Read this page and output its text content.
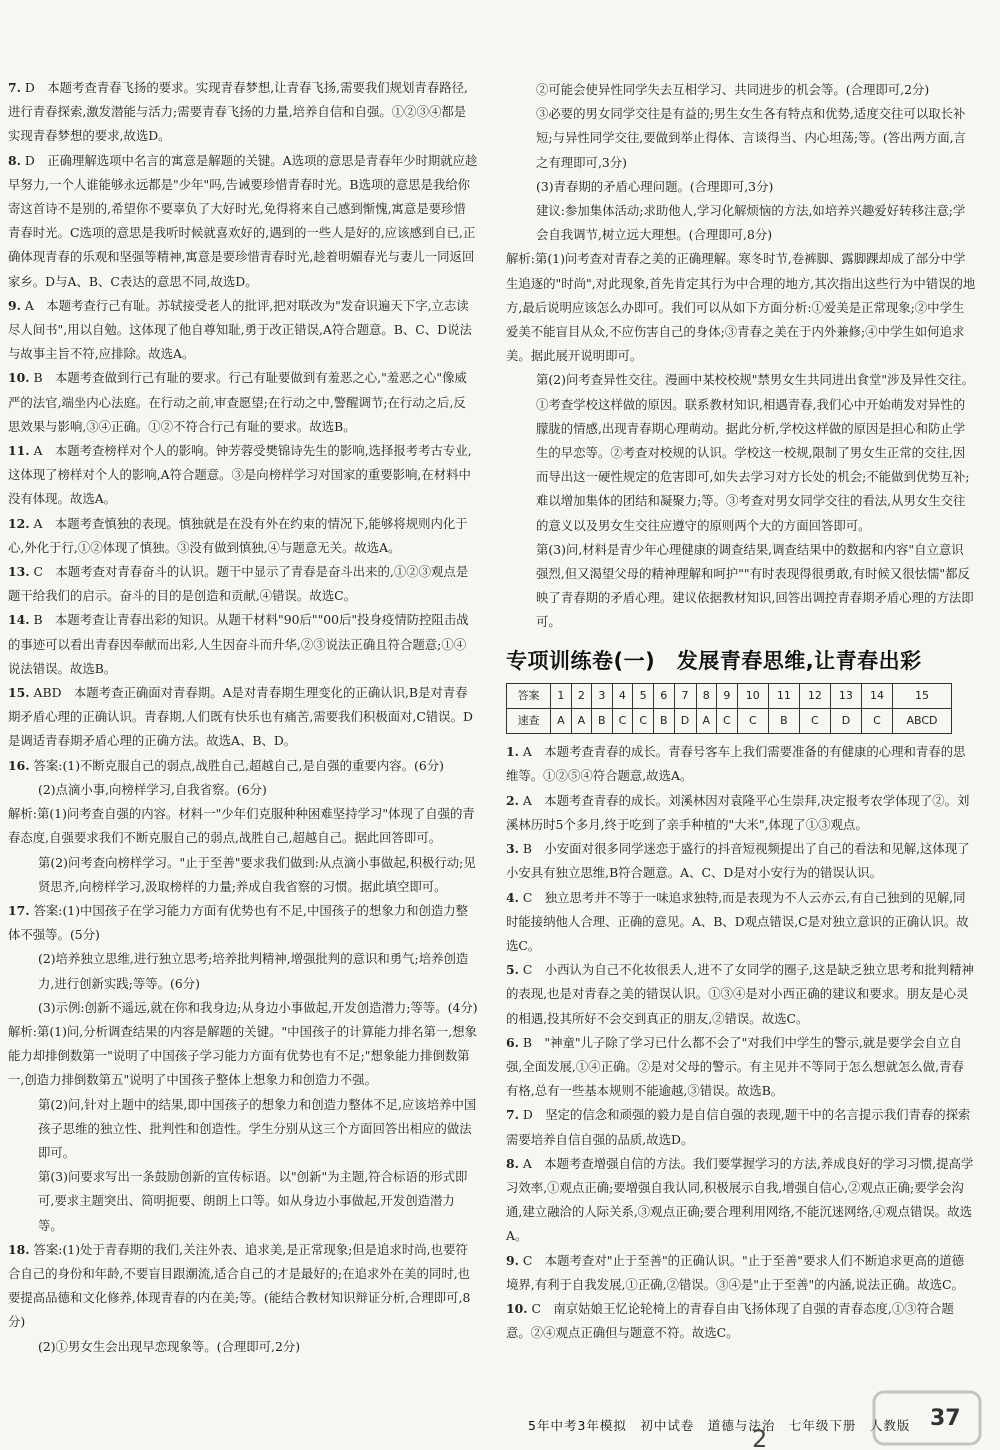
7. D　本题考查青春飞扬的要求。实现青春梦想,让青春飞扬,需要我们规划青春路径,进行青春探索,激发潜能与活力;需要青春飞扬的力量,培养自信和自强。①②③④都是实现青春梦想的要求,故选D。
8. D　正确理解选项中名言的寓意是解题的关键。A选项的意思是青春年少时期就应趁早努力,一个人谁能够永远都是"少年"吗,告诫要珍惜青春时光。B选项的意思是我给你寄这首诗不是别的,希望你不要辜负了大好时光,免得将来自己感到惭愧,寓意是要珍惜青春时光。C选项的意思是我听时候就喜欢好的,遇到的一些人是好的,应该感到自已,正确体现青春的乐观和坚强等精神,寓意是要珍惜青春时光,趁着明媚春光与妻儿一同返回家乡。D与A、B、C表达的意思不同,故选D。
9. A　本题考查行己有耻。苏轼接受老人的批评,把对联改为"发奋识遍天下字,立志读尽人间书",用以自勉。这体现了他自尊知耻,勇于改正错误,A符合题意。B、C、D说法与故事主旨不符,应排除。故选A。
10. B　本题考查做到行己有耻的要求。行己有耻要做到有羞恶之心,"羞恶之心"像威严的法官,端坐内心法庭。在行动之前,审查愿望;在行动之中,警醒调节;在行动之后,反思效果与影响,③④正确。①②不符合行己有耻的要求。故选B。
11. A　本题考查榜样对个人的影响。钟芳蓉受樊锦诗先生的影响,选择报考考古专业,这体现了榜样对个人的影响,A符合题意。③是向榜样学习对国家的重要影响,在材料中没有体现。故选A。
12. A　本题考查慎独的表现。慎独就是在没有外在约束的情况下,能够将规则内化于心,外化于行,①②体现了慎独。③没有做到慎独,④与题意无关。故选A。
13. C　本题考查对青春奋斗的认识。题干中显示了青春是奋斗出来的,①②③观点是题干给我们的启示。奋斗的目的是创造和贡献,④错误。故选C。
14. B　本题考查让青春出彩的知识。从题干材料"90后""00后"投身疫情防控阻击战的事迹可以看出青春因奉献而出彩,人生因奋斗而升华,②③说法正确且符合题意;①④说法错误。故选B。
15. ABD　本题考查正确面对青春期。A是对青春期生理变化的正确认识,B是对青春期矛盾心理的正确认识。青春期,人们既有快乐也有痛苦,需要我们积极面对,C错误。D是调适青春期矛盾心理的正确方法。故选A、B、D。
16. 答案:(1)不断克服自己的弱点,战胜自己,超越自己,是自强的重要内容。(6分)
(2)点滴小事,向榜样学习,自我省察。(6分)
解析:第(1)问考查自强的内容。材料一"少年们克服种种困难坚持学习"体现了自强的青春态度,自强要求我们不断克服自己的弱点,战胜自己,超越自己。据此回答即可。
第(2)问考查向榜样学习。"止于至善"要求我们做到:从点滴小事做起,积极行动;见贤思齐,向榜样学习,汲取榜样的力量;养成自我省察的习惯。据此填空即可。
17. 答案:(1)中国孩子在学习能力方面有优势也有不足,中国孩子的想象力和创造力整体不强等。(5分)
(2)培养独立思维,进行独立思考;培养批判精神,增强批判的意识和勇气;培养创造力,进行创新实践;等等。(6分)
(3)示例:创新不遥远,就在你和我身边;从身边小事做起,开发创造潜力;等等。(4分)
解析:第(1)问,分析调查结果的内容是解题的关键。"中国孩子的计算能力排名第一,想象能力却排倒数第一"说明了中国孩子学习能力方面有优势也有不足;"想象能力排倒数第一,创造力排倒数第五"说明了中国孩子整体上想象力和创造力不强。
第(2)问,针对上题中的结果,即中国孩子的想象力和创造力整体不足,应该培养中国孩子思维的独立性、批判性和创造性。学生分别从这三个方面回答出相应的做法即可。
第(3)问要求写出一条鼓励创新的宣传标语。以"创新"为主题,符合标语的形式即可,要求主题突出、简明扼要、朗朗上口等。如从身边小事做起,开发创造潜力等。
18. 答案:(1)处于青春期的我们,关注外表、追求美,是正常现象;但是追求时尚,也要符合自己的身份和年龄,不要盲目跟潮流,适合自己的才是最好的;在追求外在美的同时,也要提高品德和文化修养,体现青春的内在美;等。(能结合教材知识辩证分析,合理即可,8分)
(2)①男女生会出现早恋现象等。(合理即可,2分)
②可能会使异性同学失去互相学习、共同进步的机会等。(合理即可,2分)
③必要的男女同学交往是有益的;男生女生各有特点和优势,适度交往可以取长补短;与异性同学交往,要做到举止得体、言谈得当、内心坦荡;等。(答出两方面,言之有理即可,3分)
(3)青春期的矛盾心理问题。(合理即可,3分)
建议:参加集体活动;求助他人,学习化解烦恼的方法,如培养兴趣爱好转移注意;学会自我调节,树立远大理想。(合理即可,8分)
解析:第(1)问考查对青春之美的正确理解。寒冬时节,卷裤脚、露脚踝却成了部分中学生追逐的"时尚",对此现象,首先肯定其行为中合理的地方,其次指出这些行为中错误的地方,最后说明应该怎么办即可。我们可以从如下方面分析:①爱美是正常现象;②中学生爱美不能盲目从众,不应伤害自己的身体;③青春之美在于内外兼修;④中学生如何追求美。据此展开说明即可。
第(2)问考查异性交往。漫画中某校校规"禁男女生共同进出食堂"涉及异性交往。①考查学校这样做的原因。联系教材知识,相遇青春,我们心中开始萌发对异性的朦胧的情感,出现青春期心理萌动。据此分析,学校这样做的原因是担心和防止学生的早恋等。②考查对校规的认识。学校这一校规,限制了男女生正常的交往,因而导出这一硬性规定的危害即可,如失去学习对方长处的机会;不能做到优势互补;难以增加集体的团结和凝聚力;等。③考查对男女同学交往的看法,从男女生交往的意义以及男女生交往应遵守的原则两个大的方面回答即可。
第(3)问,材料是青少年心理健康的调查结果,调查结果中的数据和内容"自立意识强烈,但又渴望父母的精神理解和呵护""有时表现得很勇敢,有时候又很怯懦"都反映了青春期的矛盾心理。建议依据教材知识,回答出调控青春期矛盾心理的方法即可。
专项训练卷(一)　发展青春思维,让青春出彩
答案	1	2	3	4	5	6	7	8	9	10	11	12	13	14	15
速查	A	A	B	C	C	B	D	A	C	C	B	C	D	C	ABCD
1. A　本题考查青春的成长。青春号客车上我们需要准备的有健康的心理和青春的思维等。①②⑤④符合题意,故选A。
2. A　本题考查青春的成长。刘溪林因对袁隆平心生崇拜,决定报考农学体现了②。刘溪林历时5个多月,终于吃到了亲手种植的"大米",体现了①③观点。
3. B　小安面对很多同学迷恋于盛行的抖音短视频提出了自己的看法和见解,这体现了小安具有独立思维,B符合题意。A、C、D是对小安行为的错误认识。
4. C　独立思考并不等于一味追求独特,而是表现为不人云亦云,有自己独到的见解,同时能接纳他人合理、正确的意见。A、B、D观点错误,C是对独立意识的正确认识。故选C。
5. C　小西认为自己不化妆很丢人,进不了女同学的圈子,这是缺乏独立思考和批判精神的表现,也是对青春之美的错误认识。①③④是对小西正确的建议和要求。朋友是心灵的相遇,投其所好不会交到真正的朋友,②错误。故选C。
6. B　"神童"儿子除了学习已什么都不会了"对我们中学生的警示,就是要学会自立自强,全面发展,①④正确。②是对父母的警示。有主见并不等同于怎么想就怎么做,青春有格,总有一些基本规则不能逾越,③错误。故选B。
7. D　坚定的信念和顽强的毅力是自信自强的表现,题干中的名言提示我们青春的探索需要培养自信自强的品质,故选D。
8. A　本题考查增强自信的方法。我们要掌握学习的方法,养成良好的学习习惯,提高学习效率,①观点正确;要增强自我认同,积极展示自我,增强自信心,②观点正确;要学会沟通,建立融洽的人际关系,③观点正确;要合理利用网络,不能沉迷网络,④观点错误。故选A。
9. C　本题考查对"止于至善"的正确认识。"止于至善"要求人们不断追求更高的道德境界,有利于自我发展,①正确,②错误。③④是"止于至善"的内涵,说法正确。故选C。
10. C　南京姑娘王忆论轮椅上的青春自由飞扬体现了自强的青春态度,①③符合题意。②④观点正确但与题意不符。故选C。
5年中考3年模拟　初中试卷　道德与法治　七年级下册　人教版
2
37
